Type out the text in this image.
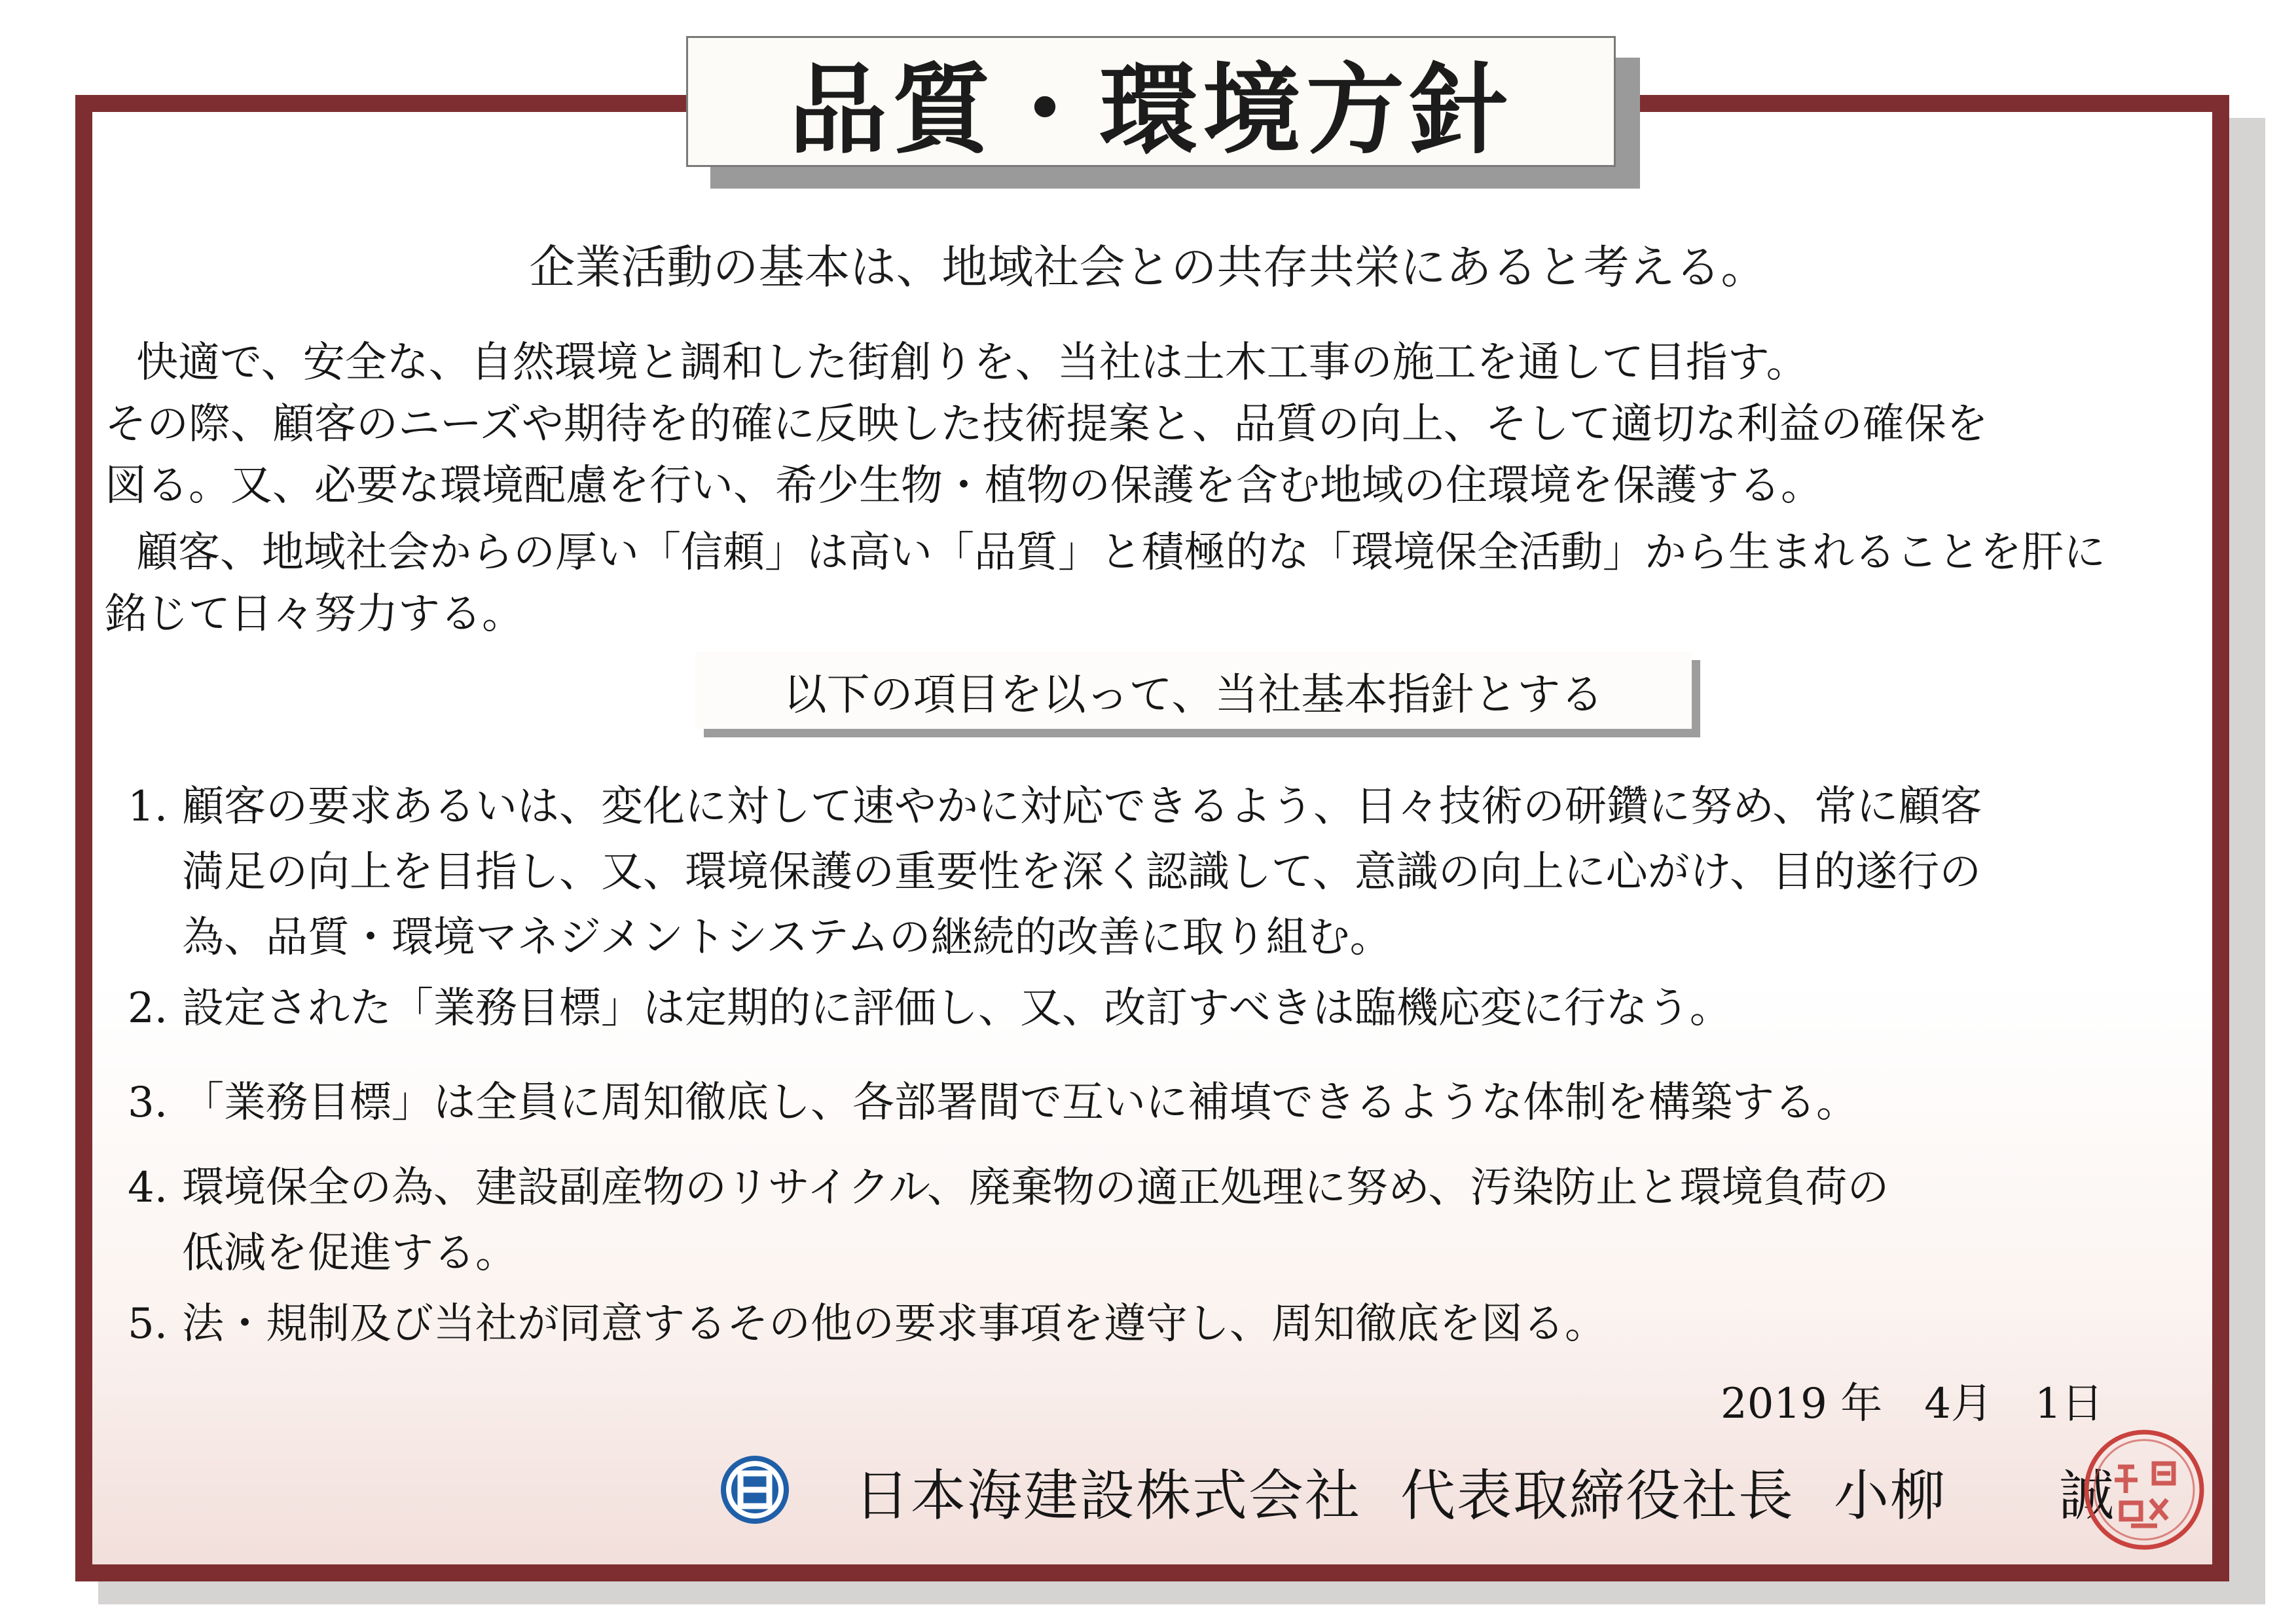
品質・環境方針
企業活動の基本は、地域社会との共存共栄にあると考える。
快適で、安全な、自然環境と調和した街創りを、当社は土木工事の施工を通して目指す。
その際、顧客のニーズや期待を的確に反映した技術提案と、品質の向上、そして適切な利益の確保を
図る。又、必要な環境配慮を行い、希少生物・植物の保護を含む地域の住環境を保護する。
顧客、地域社会からの厚い「信頼」は高い「品質」と積極的な「環境保全活動」から生まれることを肝に
銘じて日々努力する。
以下の項目を以って、当社基本指針とする
1. 顧客の要求あるいは、変化に対して速やかに対応できるよう、日々技術の研鑽に努め、常に顧客
満足の向上を目指し、又、環境保護の重要性を深く認識して、意識の向上に心がけ、目的遂行の
為、品質・環境マネジメントシステムの継続的改善に取り組む。
2. 設定された「業務目標」は定期的に評価し、又、改訂すべきは臨機応変に行なう。
3. 「業務目標」は全員に周知徹底し、各部署間で互いに補填できるような体制を構築する。
4. 環境保全の為、建設副産物のリサイクル、廃棄物の適正処理に努め、汚染防止と環境負荷の
低減を促進する。
5. 法・規制及び当社が同意するその他の要求事項を遵守し、周知徹底を図る。
2019 年　4月　1日
日本海建設株式会社 代表取締役社長 小柳　　誠
